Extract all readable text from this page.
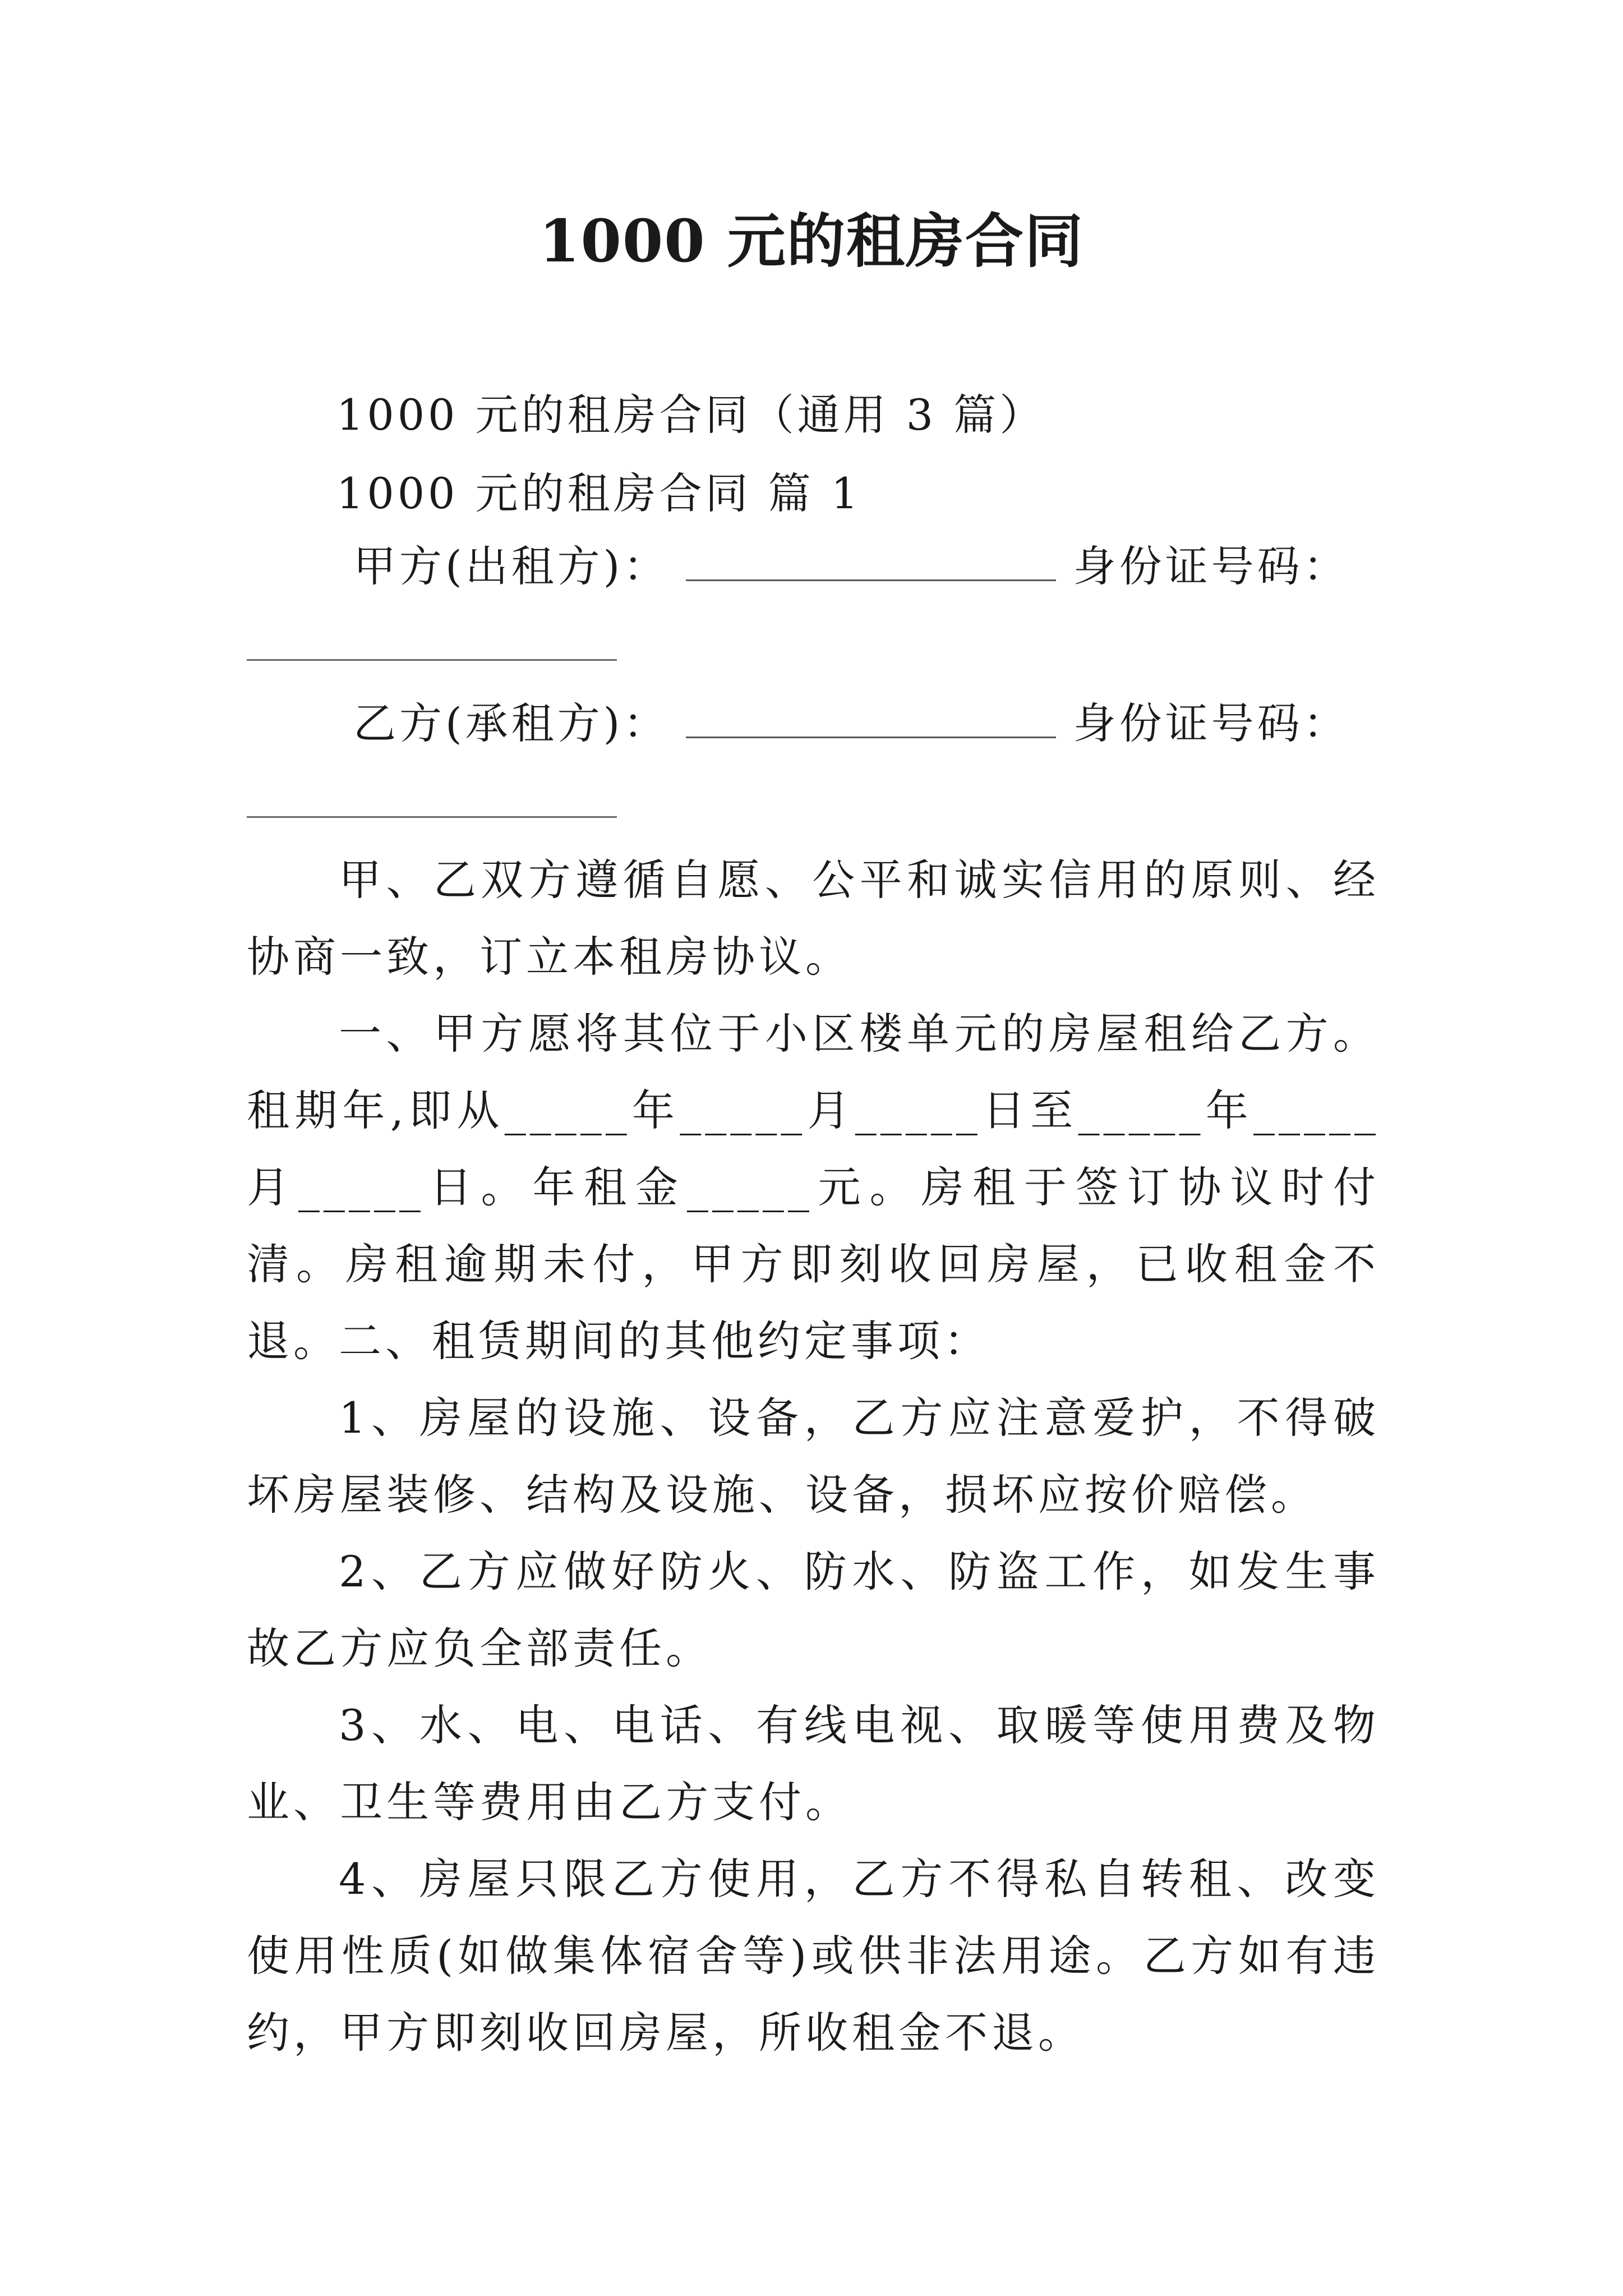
1000 元的租房合同
1000 元的租房合同（通用 3 篇）
1000 元的租房合同 篇 1
甲方(出租方)：	身份证号码：
乙方(承租方)：	身份证号码：
甲、乙双方遵循自愿、公平和诚实信用的原则、经协商一致，订立本租房协议。
一、甲方愿将其位于小区楼单元的房屋租给乙方。租期年,即从_____年_____月_____日至_____年_____月_____日。年租金_____元。房租于签订协议时付清。房租逾期未付，甲方即刻收回房屋，已收租金不退。
二、租赁期间的其他约定事项：
1、房屋的设施、设备，乙方应注意爱护，不得破坏房屋装修、结构及设施、设备，损坏应按价赔偿。
2、乙方应做好防火、防水、防盗工作，如发生事故乙方应负全部责任。
3、水、电、电话、有线电视、取暖等使用费及物业、卫生等费用由乙方支付。
4、房屋只限乙方使用，乙方不得私自转租、改变使用性质(如做集体宿舍等)或供非法用途。乙方如有违约，甲方即刻收回房屋，所收租金不退。
